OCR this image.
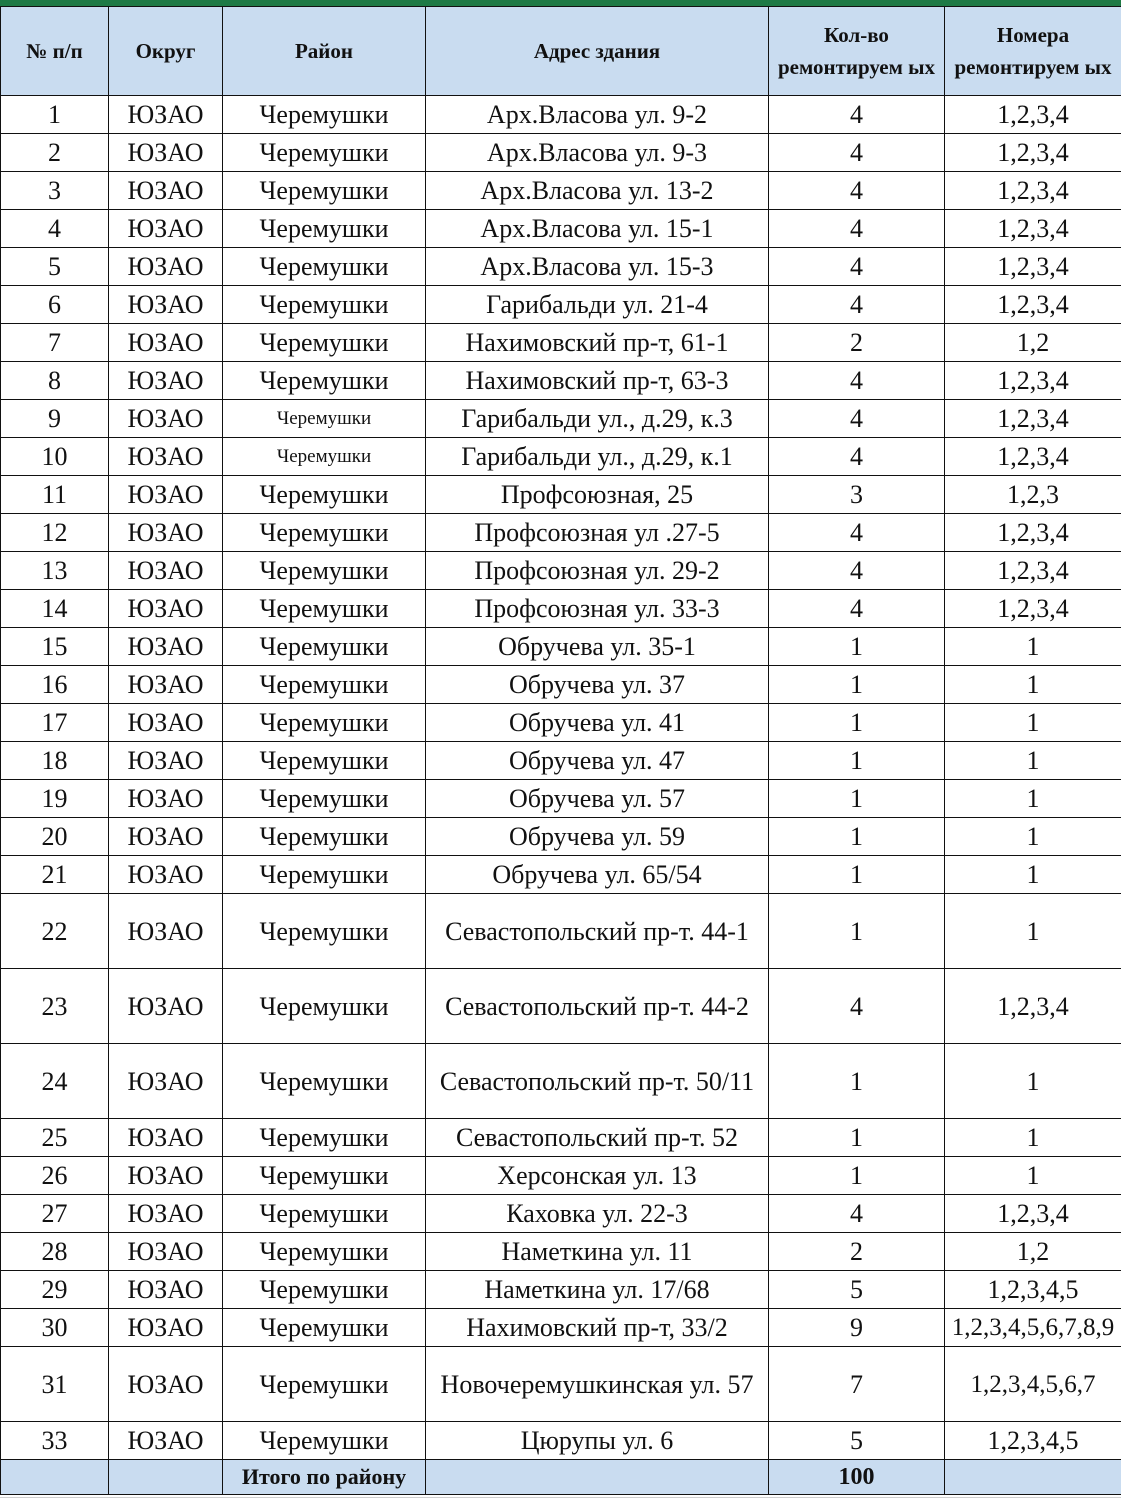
№ п/п	Округ	Район	Адрес здания	Кол-во ремонтируем ых	Номера ремонтируем ых
1	ЮЗАО	Черемушки	Арх.Власова ул. 9-2	4	1,2,3,4
2	ЮЗАО	Черемушки	Арх.Власова ул. 9-3	4	1,2,3,4
3	ЮЗАО	Черемушки	Арх.Власова ул. 13-2	4	1,2,3,4
4	ЮЗАО	Черемушки	Арх.Власова ул. 15-1	4	1,2,3,4
5	ЮЗАО	Черемушки	Арх.Власова ул. 15-3	4	1,2,3,4
6	ЮЗАО	Черемушки	Гарибальди ул. 21-4	4	1,2,3,4
7	ЮЗАО	Черемушки	Нахимовский пр-т, 61-1	2	1,2
8	ЮЗАО	Черемушки	Нахимовский пр-т, 63-3	4	1,2,3,4
9	ЮЗАО	Черемушки	Гарибальди ул., д.29, к.3	4	1,2,3,4
10	ЮЗАО	Черемушки	Гарибальди ул., д.29, к.1	4	1,2,3,4
11	ЮЗАО	Черемушки	Профсоюзная, 25	3	1,2,3
12	ЮЗАО	Черемушки	Профсоюзная ул .27-5	4	1,2,3,4
13	ЮЗАО	Черемушки	Профсоюзная ул. 29-2	4	1,2,3,4
14	ЮЗАО	Черемушки	Профсоюзная ул. 33-3	4	1,2,3,4
15	ЮЗАО	Черемушки	Обручева ул. 35-1	1	1
16	ЮЗАО	Черемушки	Обручева ул. 37	1	1
17	ЮЗАО	Черемушки	Обручева ул. 41	1	1
18	ЮЗАО	Черемушки	Обручева ул. 47	1	1
19	ЮЗАО	Черемушки	Обручева ул. 57	1	1
20	ЮЗАО	Черемушки	Обручева ул. 59	1	1
21	ЮЗАО	Черемушки	Обручева ул. 65/54	1	1
22	ЮЗАО	Черемушки	Севастопольский пр-т. 44-1	1	1
23	ЮЗАО	Черемушки	Севастопольский пр-т. 44-2	4	1,2,3,4
24	ЮЗАО	Черемушки	Севастопольский пр-т. 50/11	1	1
25	ЮЗАО	Черемушки	Севастопольский пр-т. 52	1	1
26	ЮЗАО	Черемушки	Херсонская ул. 13	1	1
27	ЮЗАО	Черемушки	Каховка ул. 22-3	4	1,2,3,4
28	ЮЗАО	Черемушки	Наметкина ул. 11	2	1,2
29	ЮЗАО	Черемушки	Наметкина ул. 17/68	5	1,2,3,4,5
30	ЮЗАО	Черемушки	Нахимовский пр-т, 33/2	9	1,2,3,4,5,6,7,8,9
31	ЮЗАО	Черемушки	Новочеремушкинская ул. 57	7	1,2,3,4,5,6,7
33	ЮЗАО	Черемушки	Цюрупы ул. 6	5	1,2,3,4,5
		Итого по району		100	
